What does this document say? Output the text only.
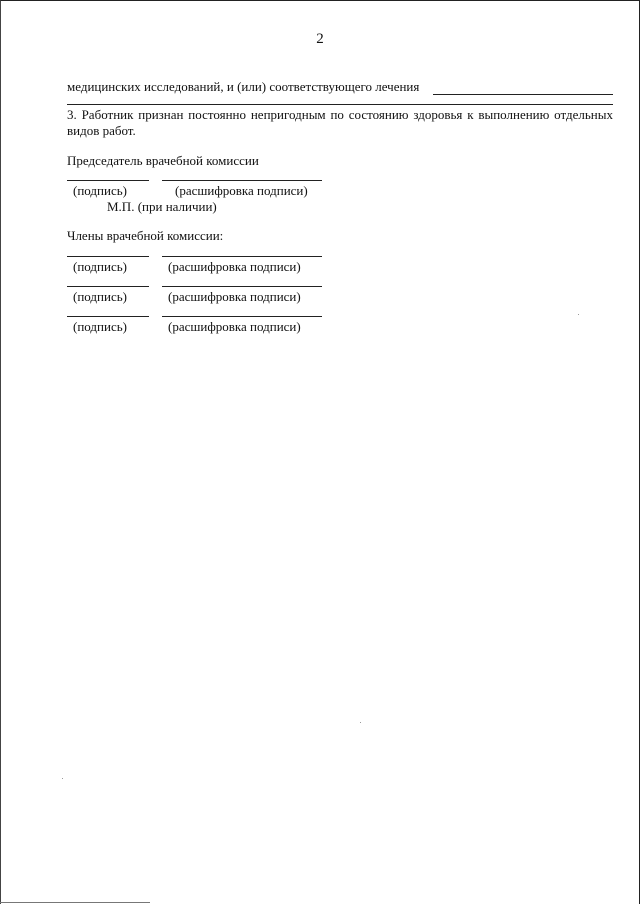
2
медицинских исследований, и (или) соответствующего лечения
3. Работник признан постоянно непригодным по состоянию здоровья к выполнению отдельных видов работ.
Председатель врачебной комиссии
(подпись)	(расшифровка подписи)
М.П. (при наличии)
Члены врачебной комиссии:
(подпись)	(расшифровка подписи)
(подпись)	(расшифровка подписи)
(подпись)	(расшифровка подписи)
